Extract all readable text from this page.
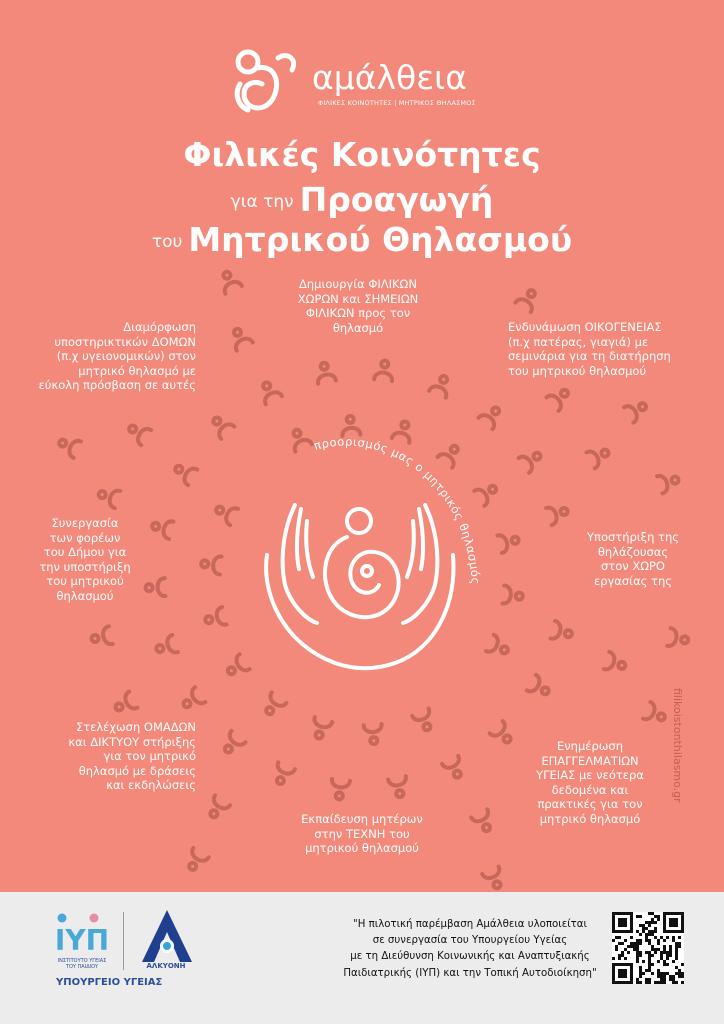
αμάλθεια
ΦΙΛΙΚΕΣ ΚΟΙΝΟΤΗΤΕΣ | ΜΗΤΡΙΚΟΣ ΘΗΛΑΣΜΟΣ
Φιλικές Κοινότητες
για την Προαγωγή
του Μητρικού Θηλασμού
προορισμός μας ο μητρικός θηλασμός
Δημιουργία ΦΙΛΙΚΩΝ
ΧΩΡΩΝ και ΣΗΜΕΙΩΝ
ΦΙΛΙΚΩΝ προς τον
θηλασμό
Διαμόρφωση
υποστηρικτικών ΔΟΜΩΝ
(π.χ υγειονομικών) στον
μητρικό θηλασμό με
εύκολη πρόσβαση σε αυτές
Ενδυνάμωση ΟΙΚΟΓΕΝΕΙΑΣ
(π.χ πατέρας, γιαγιά) με
σεμινάρια για τη διατήρηση
του μητρικού θηλασμού
Συνεργασία
των φορέων
του Δήμου για
την υποστήριξη
του μητρικού
θηλασμού
Υποστήριξη της
θηλάζουσας
στον ΧΩΡΟ
εργασίας της
Στελέχωση ΟΜΑΔΩΝ
και ΔΙΚΤΥΟΥ στήριξης
για τον μητρικό
θηλασμό με δράσεις
και εκδηλώσεις
Ενημέρωση
ΕΠΑΓΓΕΛΜΑΤΙΩΝ
ΥΓΕΙΑΣ με νεότερα
δεδομένα και
πρακτικές για τον
μητρικό θηλασμό
Εκπαίδευση μητέρων
στην ΤΕΧΝΗ του
μητρικού θηλασμού
filikoistonthilasmo.gr
ΙΥΠ
ΙΝΣΤΙΤΟΥΤΟ ΥΓΕΙΑΣ ΤΟΥ ΠΑΙΔΙΟΥ
ΥΠΟΥΡΓΕΙΟ ΥΓΕΙΑΣ
ΑΛΚΥΟΝΗ
"Η πιλοτική παρέμβαση Αμάλθεια υλοποιείται
σε συνεργασία του Υπουργείου Υγείας
με τη Διεύθυνση Κοινωνικής και Αναπτυξιακής
Παιδιατρικής (ΙΥΠ) και την Τοπική Αυτοδιοίκηση"
